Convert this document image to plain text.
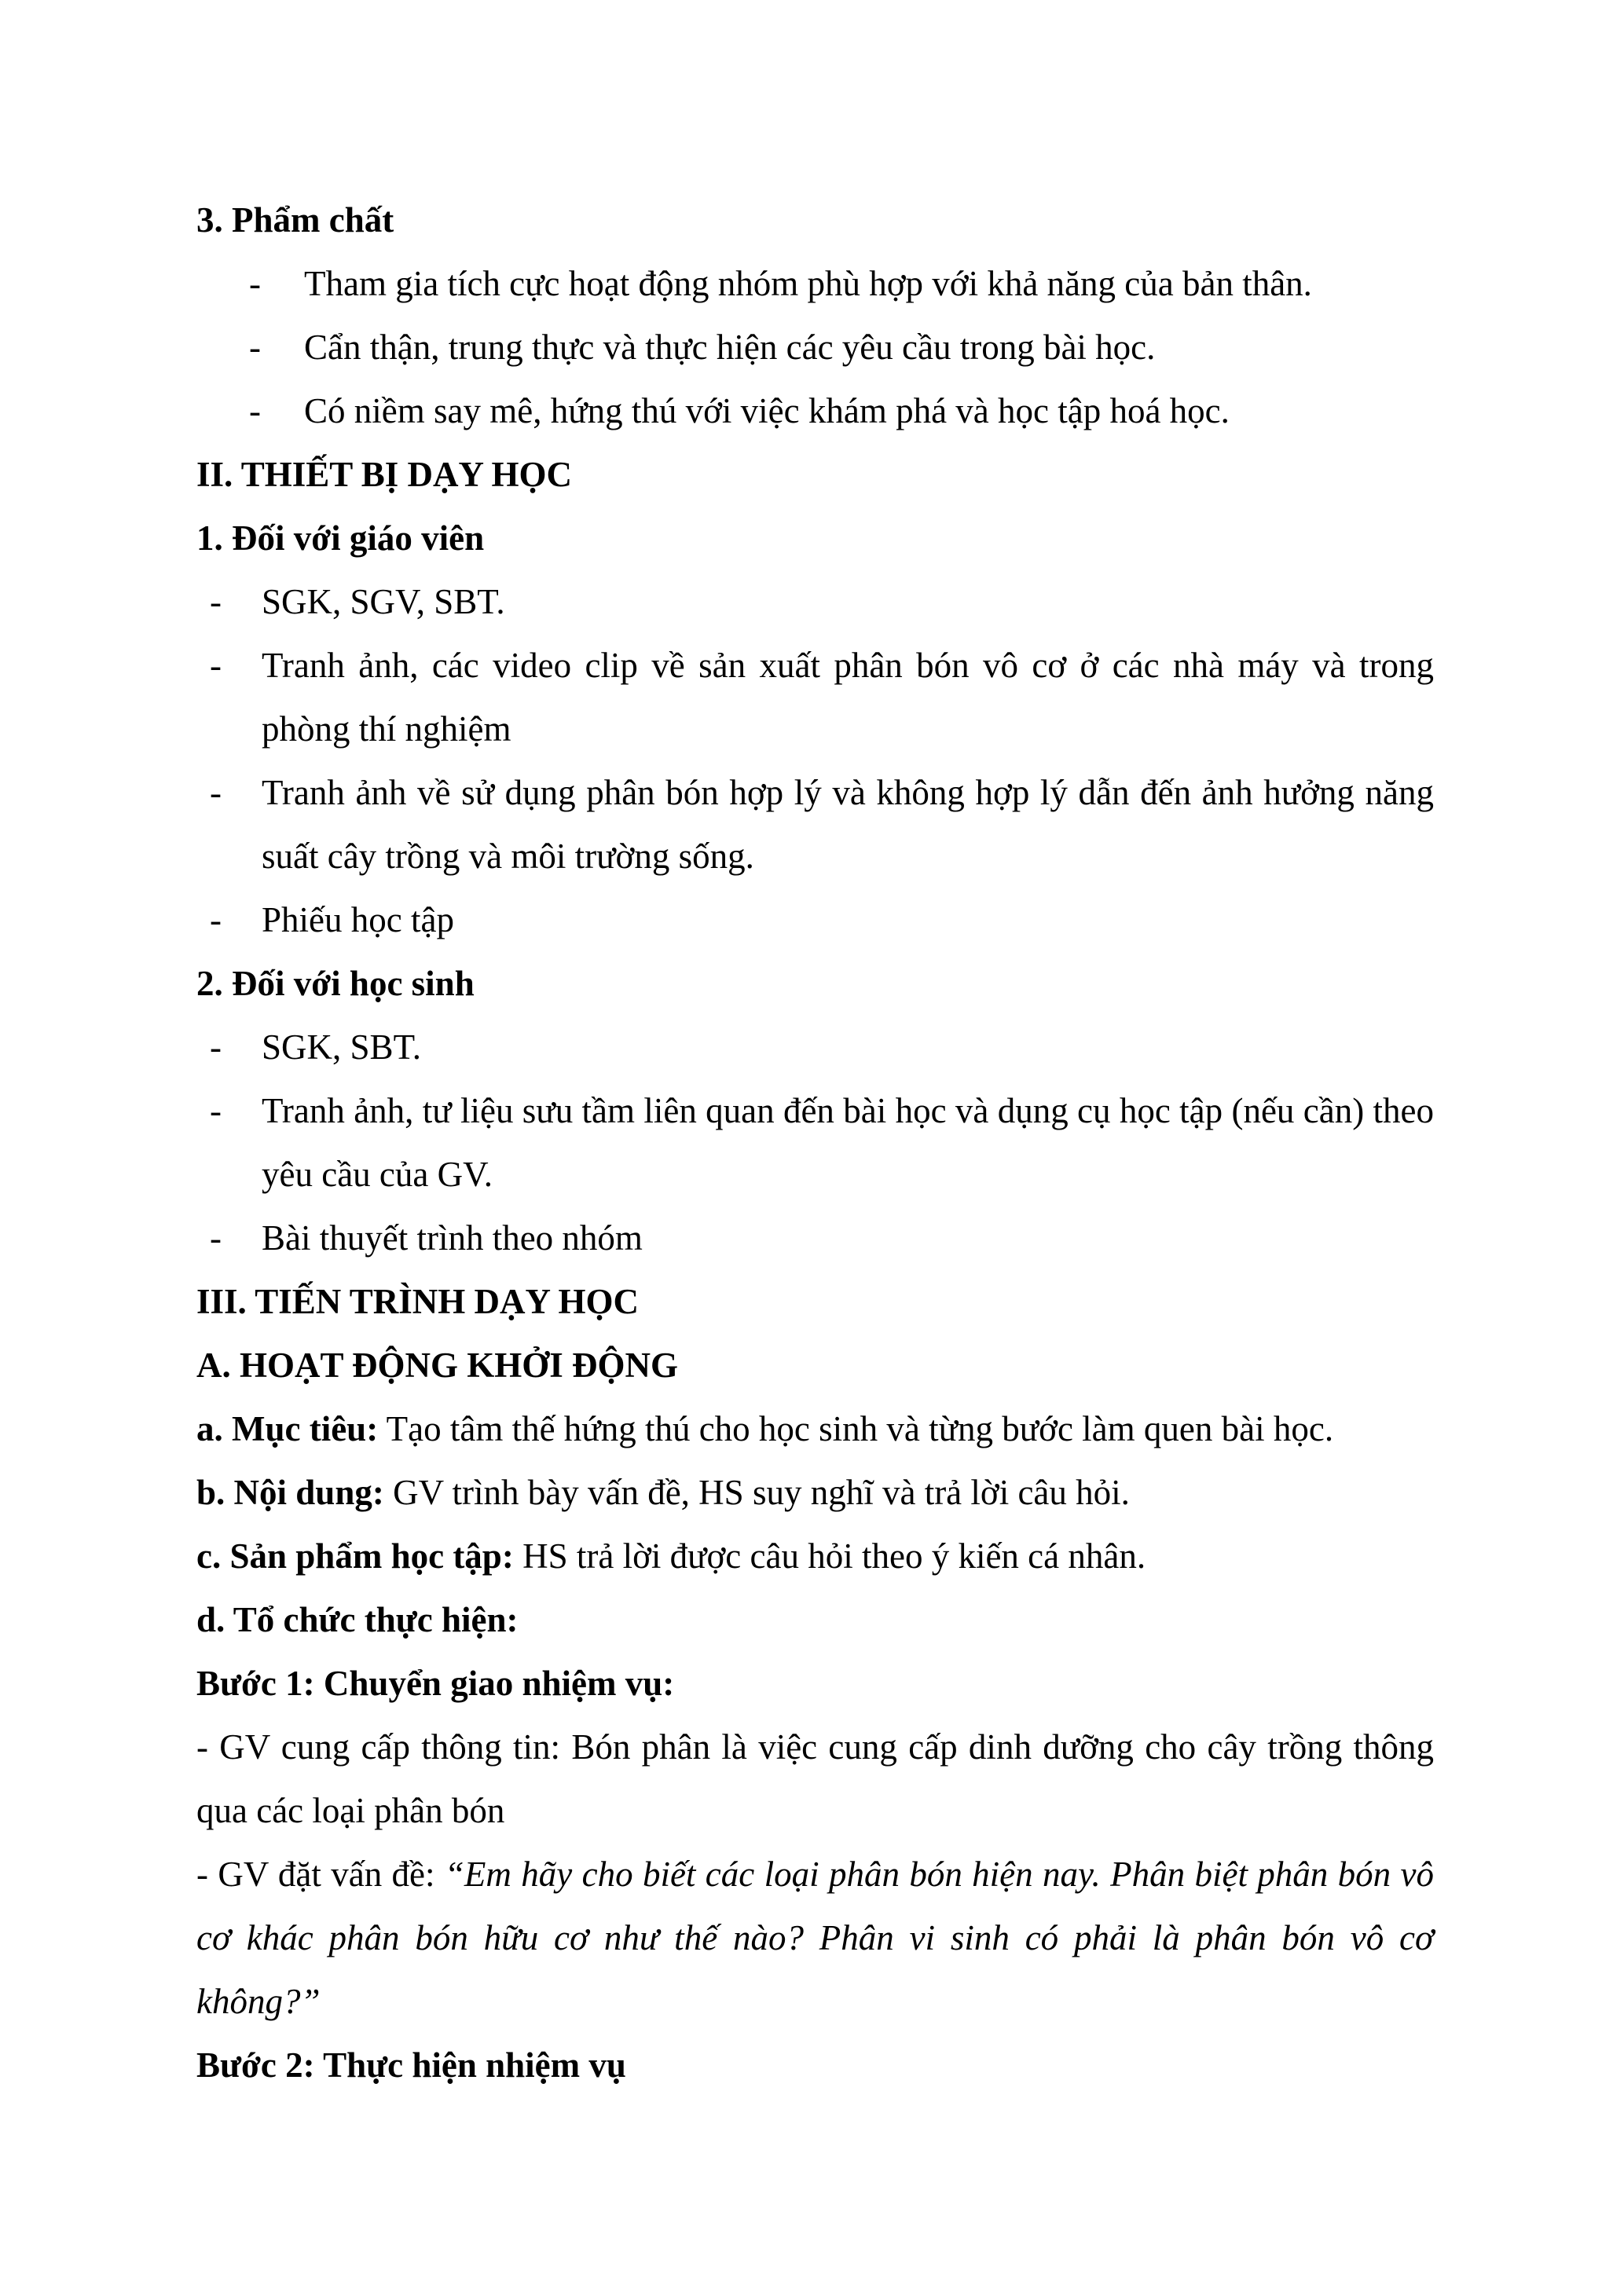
3. Phẩm chất
-	Tham gia tích cực hoạt động nhóm phù hợp với khả năng của bản thân.
-	Cẩn thận, trung thực và thực hiện các yêu cầu trong bài học.
-	Có niềm say mê, hứng thú với việc khám phá và học tập hoá học.
II. THIẾT BỊ DẠY HỌC
1. Đối với giáo viên
-	SGK, SGV, SBT.
-	Tranh ảnh, các video clip về sản xuất phân bón vô cơ ở các nhà máy và trong phòng thí nghiệm
-	Tranh ảnh về sử dụng phân bón hợp lý và không hợp lý dẫn đến ảnh hưởng năng suất cây trồng và môi trường sống.
-	Phiếu học tập
2. Đối với học sinh
-	SGK, SBT.
-	Tranh ảnh, tư liệu sưu tầm liên quan đến bài học và dụng cụ học tập (nếu cần) theo yêu cầu của GV.
-	Bài thuyết trình theo nhóm
III. TIẾN TRÌNH DẠY HỌC
A. HOẠT ĐỘNG KHỞI ĐỘNG
a. Mục tiêu: Tạo tâm thế hứng thú cho học sinh và từng bước làm quen bài học.
b. Nội dung: GV trình bày vấn đề, HS suy nghĩ và trả lời câu hỏi.
c. Sản phẩm học tập: HS trả lời được câu hỏi theo ý kiến cá nhân.
d. Tổ chức thực hiện:
Bước 1: Chuyển giao nhiệm vụ:
- GV cung cấp thông tin: Bón phân là việc cung cấp dinh dưỡng cho cây trồng thông qua các loại phân bón
- GV đặt vấn đề: “Em hãy cho biết các loại phân bón hiện nay. Phân biệt phân bón vô cơ khác phân bón hữu cơ như thế nào? Phân vi sinh có phải là phân bón vô cơ không?”
Bước 2: Thực hiện nhiệm vụ
